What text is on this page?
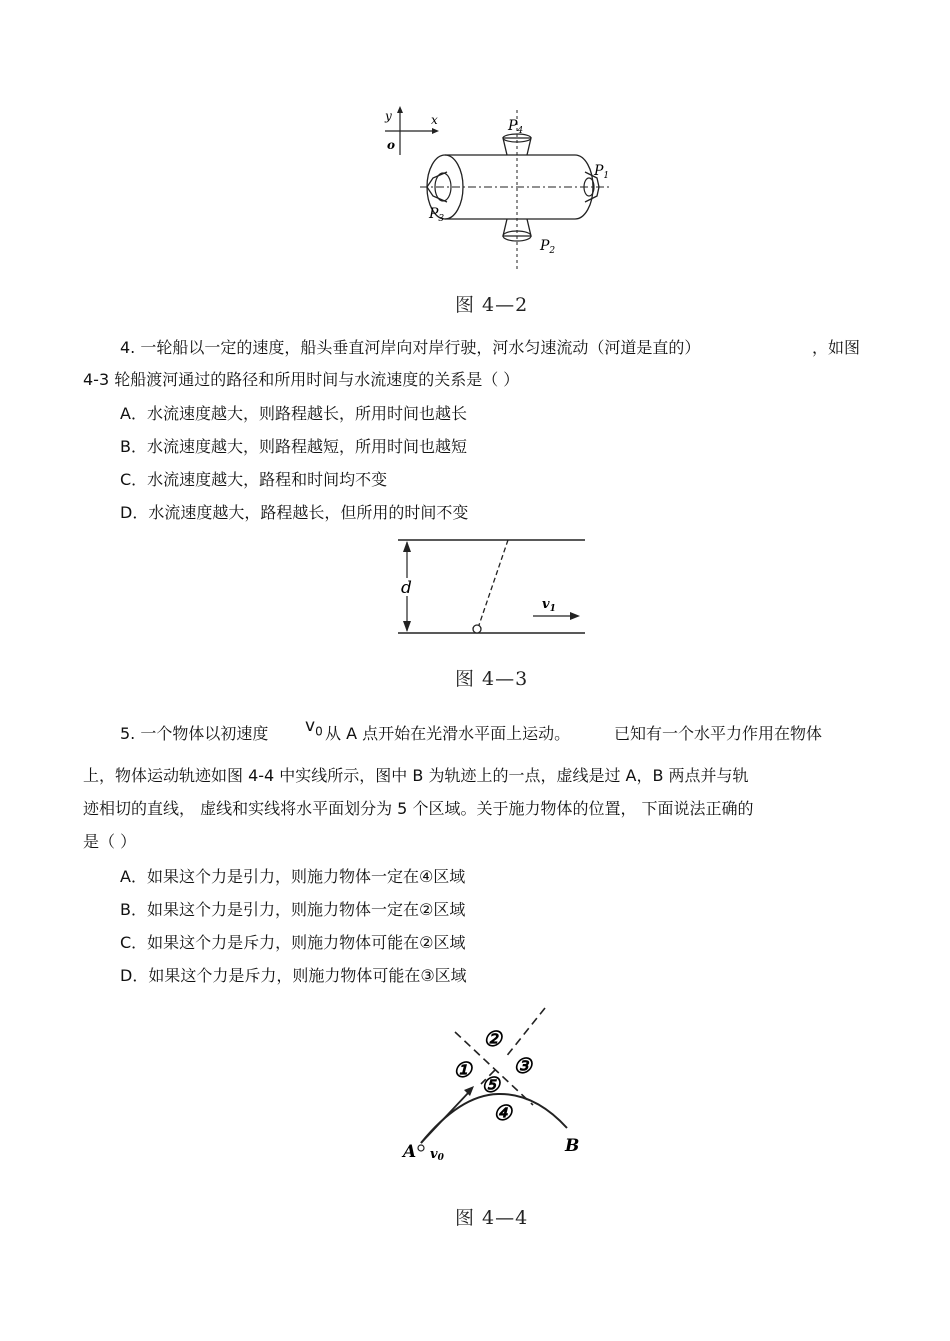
y	x
o
$P_4$
$P_1$
$P_3$
$P_2$
图 4—2
4. 一轮船以一定的速度，船头垂直河岸向对岸行驶，河水匀速流动（河道是直的）	，如图
4-3 轮船渡河通过的路径和所用时间与水流速度的关系是（ ）
A．水流速度越大，则路程越长，所用时间也越长
B．水流速度越大，则路程越短，所用时间也越短
C．水流速度越大，路程和时间均不变
D．水流速度越大，路程越长，但所用的时间不变
d
$v_1$
图 4—3
5. 一个物体以初速度 $v_0$ 从 A 点开始在光滑水平面上运动。	已知有一个水平力作用在物体
上，物体运动轨迹如图 4-4 中实线所示，图中 B 为轨迹上的一点，虚线是过 A，B 两点并与轨
迹相切的直线， 虚线和实线将水平面划分为 5 个区域。关于施力物体的位置， 下面说法正确的
是（ ）
A．如果这个力是引力，则施力物体一定在④区域
B．如果这个力是引力，则施力物体一定在②区域
C．如果这个力是斥力，则施力物体可能在②区域
D．如果这个力是斥力，则施力物体可能在③区域
②
① ③
⑤
④
A v0
B
图 4—4
